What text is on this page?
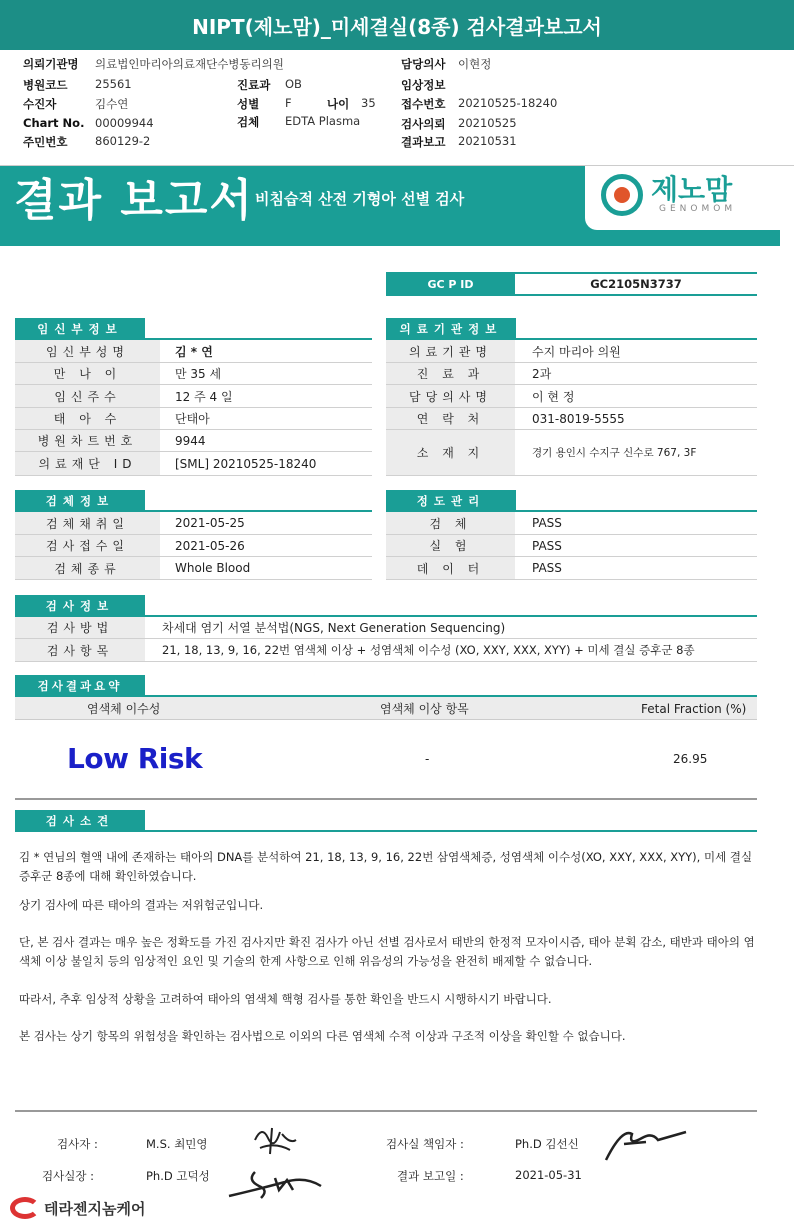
NIPT(제노맘)_미세결실(8종) 검사결과보고서
의뢰기관명 의료법인마리아의료재단수병동리의원
병원코드 25561
수진자	김수연
Chart No. 00009944
주민번호 860129-2
진료과 OB
성별 F	나이 35
검체 EDTA Plasma
담당의사 이현정
임상정보
접수번호 20210525-18240
검사의뢰 20210525
결과보고 20210531
결과 보고서 비침습적 산전 기형아 선별 검사	제노맘
GENOMOM
GC P ID	GC2105N3737
임신부정보
임신부성명	김 * 연
만 나 이	만 35 세
임신주수	12 주 4 일
태 아 수	단태아
병원차트번호	9944
의료재단 ID	[SML] 20210525-18240
의료기관정보
의료기관명	수지 마리아 의원
진 료 과	2과
담당의사명	이 현 정
연 락 처	031-8019-5555
소 재 지	경기 용인시 수지구 신수로 767, 3F
검체정보
검체채취일	2021-05-25
검사접수일	2021-05-26
검체종류	Whole Blood
정도관리
검 체	PASS
실 험	PASS
데 이 터	PASS
검사정보
검사방법	차세대 염기 서열 분석법(NGS, Next Generation Sequencing)
검사항목	21, 18, 13, 9, 16, 22번 염색체 이상 + 성염색체 이수성 (XO, XXY, XXX, XYY) + 미세 결실 증후군 8종
검사결과요약
염색체 이수성	염색체 이상 항목	Fetal Fraction (%)
Low Risk	-	26.95
검사소견
김 * 연님의 혈액 내에 존재하는 태아의 DNA를 분석하여 21, 18, 13, 9, 16, 22번 삼염색체증, 성염색체 이수성(XO, XXY, XXX, XYY), 미세 결실 증후군 8종에 대해 확인하였습니다.
상기 검사에 따른 태아의 결과는 저위험군입니다.
단, 본 검사 결과는 매우 높은 정확도를 가진 검사지만 확진 검사가 아닌 선별 검사로서 태반의 한정적 모자이시즘, 태아 분획 감소, 태반과 태아의 염색체 이상 불일치 등의 임상적인 요인 및 기술의 한계 사항으로 인해 위음성의 가능성을 완전히 배제할 수 없습니다.
따라서, 추후 임상적 상황을 고려하여 태아의 염색체 핵형 검사를 통한 확인을 반드시 시행하시기 바랍니다.
본 검사는 상기 항목의 위험성을 확인하는 검사법으로 이외의 다른 염색체 수적 이상과 구조적 이상을 확인할 수 없습니다.
검사자 :	M.S. 최민영	검사실 책임자 :	Ph.D 김선신
검사실장 :	Ph.D 고덕성	결과 보고일 :	2021-05-31
테라젠지놈케어
